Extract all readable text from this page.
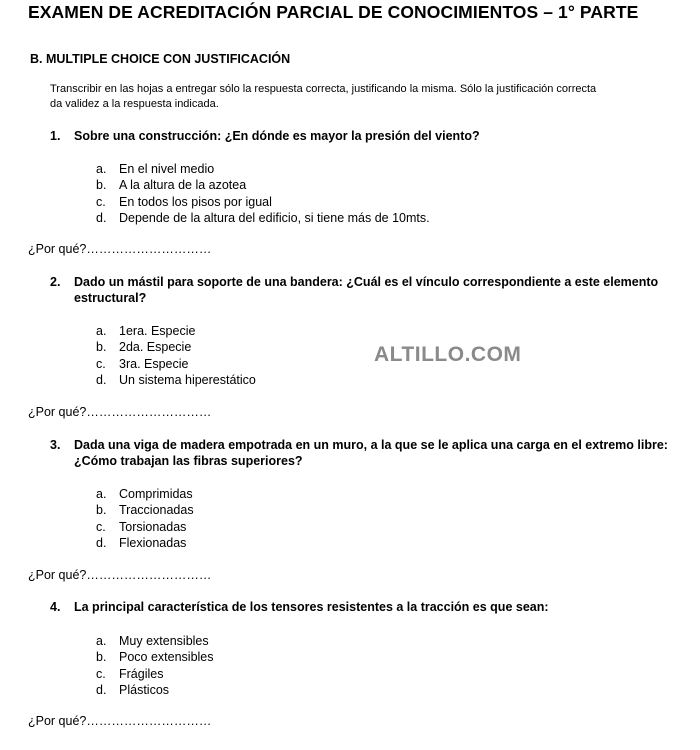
EXAMEN DE ACREDITACIÓN PARCIAL DE CONOCIMIENTOS – 1° PARTE
B. MULTIPLE CHOICE CON JUSTIFICACIÓN
Transcribir en las hojas a entregar sólo la respuesta correcta, justificando la misma. Sólo la justificación correcta
da validez a la respuesta indicada.
1. Sobre una construcción: ¿En dónde es mayor la presión del viento?
a. En el nivel medio
b. A la altura de la azotea
c. En todos los pisos por igual
d. Depende de la altura del edificio, si tiene más de 10mts.
¿Por qué?…………………………
2. Dado un mástil para soporte de una bandera: ¿Cuál es el vínculo correspondiente a este elemento estructural?
a. 1era. Especie
b. 2da. Especie
c. 3ra. Especie
d. Un sistema hiperestático
ALTILLO.COM
¿Por qué?…………………………
3. Dada una viga de madera empotrada en un muro, a la que se le aplica una carga en el extremo libre: ¿Cómo trabajan las fibras superiores?
a. Comprimidas
b. Traccionadas
c. Torsionadas
d. Flexionadas
¿Por qué?…………………………
4. La principal característica de los tensores resistentes a la tracción es que sean:
a. Muy extensibles
b. Poco extensibles
c. Frágiles
d. Plásticos
¿Por qué?…………………………
